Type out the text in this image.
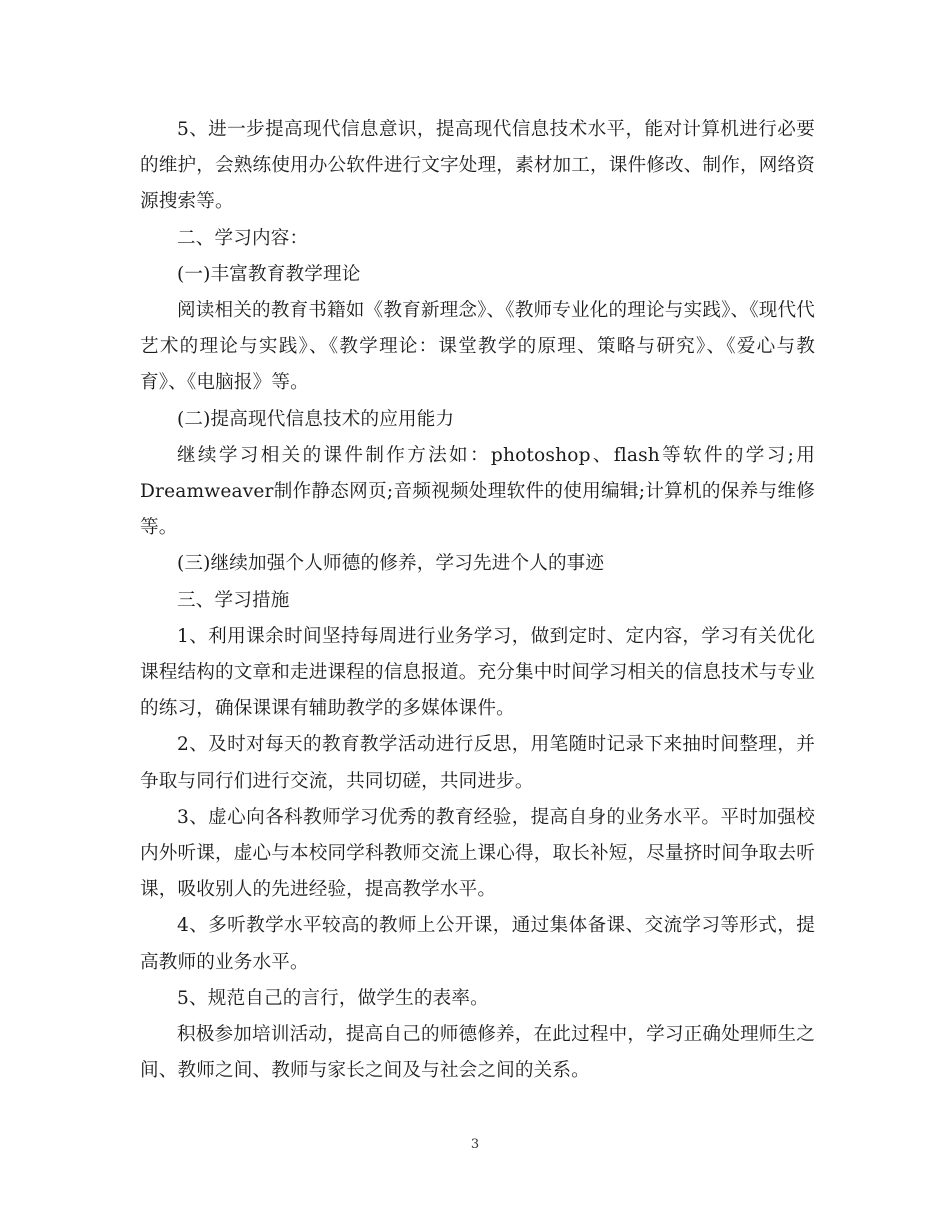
5、进一步提高现代信息意识，提高现代信息技术水平，能对计算机进行必要的维护，会熟练使用办公软件进行文字处理，素材加工，课件修改、制作，网络资源搜索等。

二、学习内容：

(一)丰富教育教学理论

阅读相关的教育书籍如《教育新理念》、《教师专业化的理论与实践》、《现代代艺术的理论与实践》、《教学理论：课堂教学的原理、策略与研究》、《爱心与教育》、《电脑报》等。

(二)提高现代信息技术的应用能力

继续学习相关的课件制作方法如：photoshop、flash等软件的学习;用Dreamweaver制作静态网页;音频视频处理软件的使用编辑;计算机的保养与维修等。

(三)继续加强个人师德的修养，学习先进个人的事迹

三、学习措施

1、利用课余时间坚持每周进行业务学习，做到定时、定内容，学习有关优化课程结构的文章和走进课程的信息报道。充分集中时间学习相关的信息技术与专业的练习，确保课课有辅助教学的多媒体课件。

2、及时对每天的教育教学活动进行反思，用笔随时记录下来抽时间整理，并争取与同行们进行交流，共同切磋，共同进步。

3、虚心向各科教师学习优秀的教育经验，提高自身的业务水平。平时加强校内外听课，虚心与本校同学科教师交流上课心得，取长补短，尽量挤时间争取去听课，吸收别人的先进经验，提高教学水平。

4、多听教学水平较高的教师上公开课，通过集体备课、交流学习等形式，提高教师的业务水平。

5、规范自己的言行，做学生的表率。

积极参加培训活动，提高自己的师德修养，在此过程中，学习正确处理师生之间、教师之间、教师与家长之间及与社会之间的关系。

3
